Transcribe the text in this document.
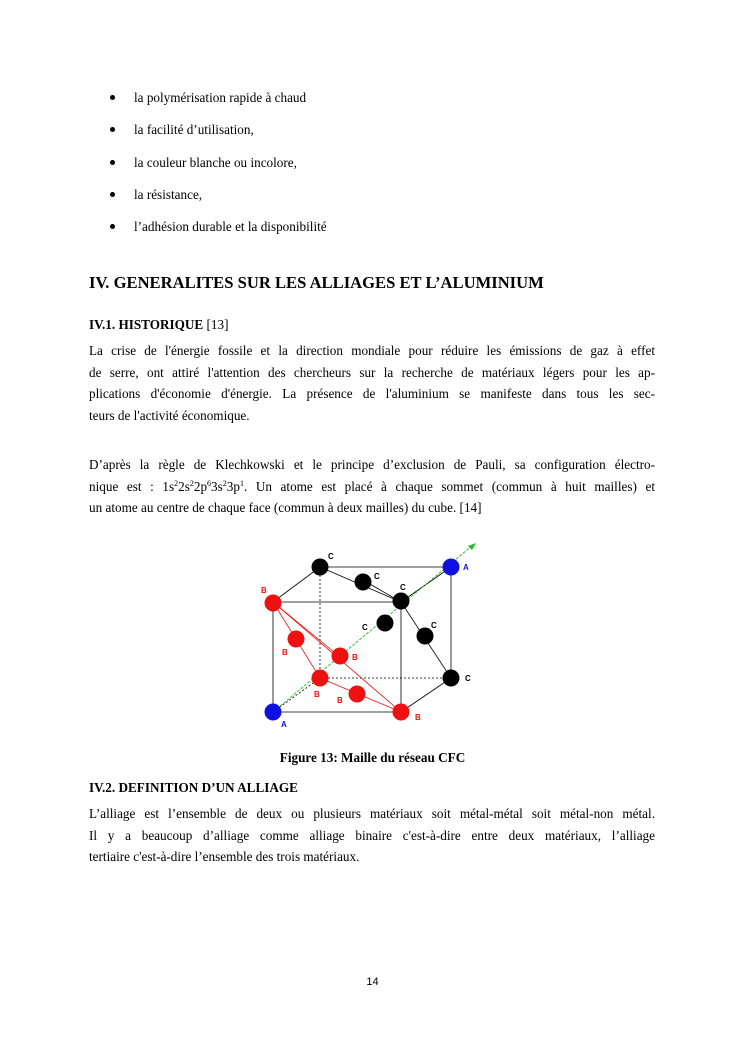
la polymérisation rapide à chaud
la facilité d’utilisation,
la couleur blanche ou incolore,
la résistance,
l’adhésion durable et la disponibilité
IV. GENERALITES SUR LES ALLIAGES ET L’ALUMINIUM

IV.1. HISTORIQUE [13]

La crise de l'énergie fossile et la direction mondiale pour réduire les émissions de gaz à effet
de serre, ont attiré l'attention des chercheurs sur la recherche de matériaux légers pour les ap-
plications d'économie d'énergie. La présence de l'aluminium se manifeste dans tous les sec-
teurs de l'activité économique.

D’après la règle de Klechkowski et le principe d’exclusion de Pauli, sa configuration électro-
nique est : $1s^22s^22p^63s^23p^1$. Un atome est placé à chaque sommet (commun à huit mailles) et
un atome au centre de chaque face (commun à deux mailles) du cube. [14]

C
C
C
C	C
C
B
B
B
B
B
B
A
A
Figure 13: Maille du réseau CFC

IV.2. DEFINITION D’UN ALLIAGE

L’alliage est l’ensemble de deux ou plusieurs matériaux soit métal-métal soit métal-non métal.
Il y a beaucoup d’alliage comme alliage binaire c'est-à-dire entre deux matériaux, l’alliage
tertiaire c'est-à-dire l’ensemble des trois matériaux.

14
